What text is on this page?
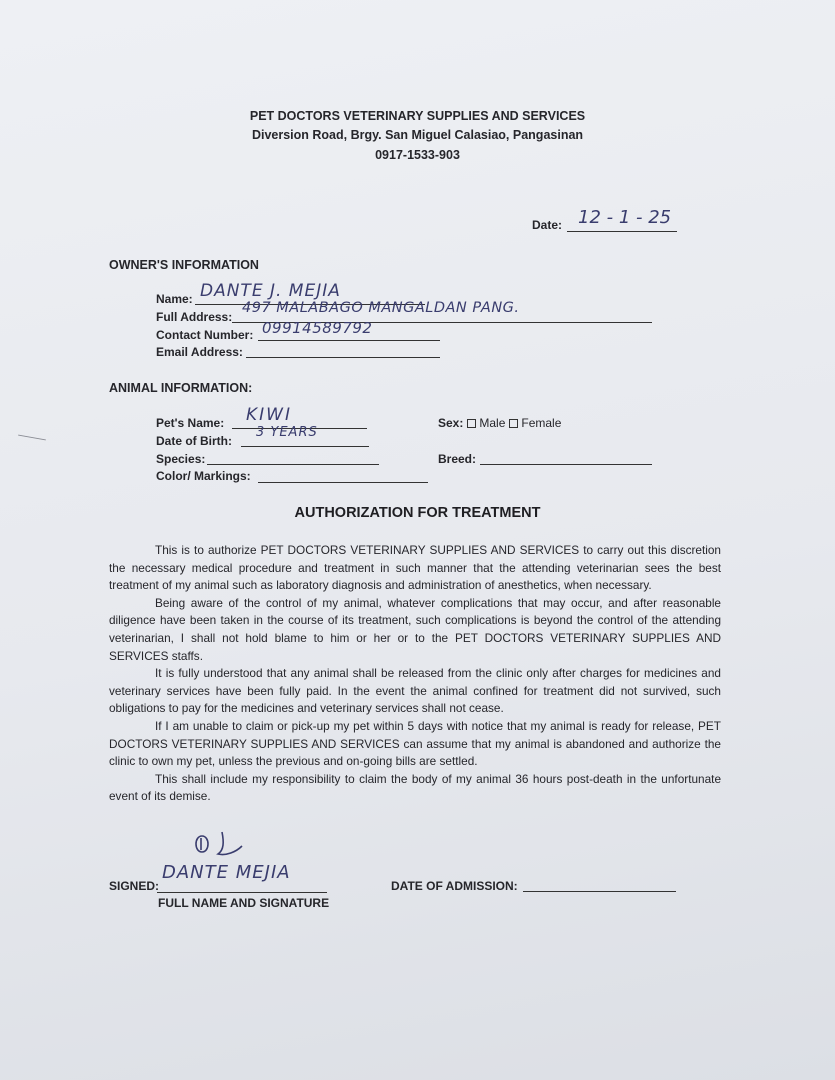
PET DOCTORS VETERINARY SUPPLIES AND SERVICES
Diversion Road, Brgy. San Miguel Calasiao, Pangasinan
0917-1533-903
Date: 12 - 1 - 25
OWNER'S INFORMATION
Name: DANTE J. MEJIA
Full Address:
497 MALABAGO MANGALDAN PANG.
Contact Number: 09914589792
Email Address:
ANIMAL INFORMATION:
Pet's Name: KIWI
Date of Birth:
3 YEARS
Species:
Color/ Markings:
Sex: Male Female
Breed:
AUTHORIZATION FOR TREATMENT

This is to authorize PET DOCTORS VETERINARY SUPPLIES AND SERVICES to carry out this discretion the necessary medical procedure and treatment in such manner that the attending veterinarian sees the best treatment of my animal such as laboratory diagnosis and administration of anesthetics, when necessary.

Being aware of the control of my animal, whatever complications that may occur, and after reasonable diligence have been taken in the course of its treatment, such complications is beyond the control of the attending veterinarian, I shall not hold blame to him or her or to the PET DOCTORS VETERINARY SUPPLIES AND SERVICES staffs.

It is fully understood that any animal shall be released from the clinic only after charges for medicines and veterinary services have been fully paid. In the event the animal confined for treatment did not survived, such obligations to pay for the medicines and veterinary services shall not cease.

If I am unable to claim or pick-up my pet within 5 days with notice that my animal is ready for release, PET DOCTORS VETERINARY SUPPLIES AND SERVICES can assume that my animal is abandoned and authorize the clinic to own my pet, unless the previous and on-going bills are settled.

This shall include my responsibility to claim the body of my animal 36 hours post-death in the unfortunate event of its demise.

SIGNED:
DANTE MEJIA
FULL NAME AND SIGNATURE
DATE OF ADMISSION:
